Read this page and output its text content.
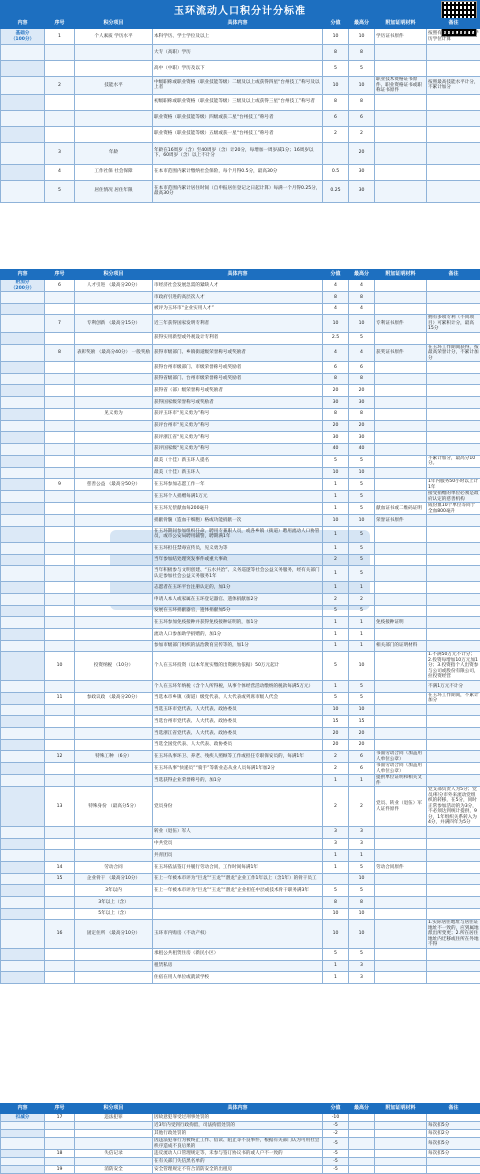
玉环流动人口积分计分标准
内容	序号	积分项目	具体内容	分值	最高分	附加证明材料	备注
基础分
（100分）	1	个人素质 学历水平	本科学历、学士学位及以上	10	10	学历证书原件	按照有国际承认的最高学历学位计算
			大专（高职）学历	8	8		
			高中（中职）学历及以下	5	5		
	2	技能水平	中级职称或职业资格（职业技能等级）二级及以上或获得四星“台州技工”称号及以上者	10	10	职业技术资格证书原件、职业资格证书或职称证书原件	按照最高技能水平计分，不累计加分
			初级职称或职业资格（职业技能等级）三级及以上或获得三星“台州技工”称号者	8	8		
			职业资格（职业技能等级）四级或获二星“台州技工”称号者	6	6		
			职业资格（职业技能等级）五级或获一星“台州技工”称号者	2	2		
	3	年龄	年龄在16周岁（含）至40周岁（含）计20分，每增加一周岁减1分；16周岁以下、60周岁（含）以上不计分		20		
	4	工作社保 社会保障	在本市范围内累计缴纳社会保险，每个月得0.5分，最高30分	0.5	30		
	5	居住情况 居住年限	在本市范围内累计居住时间（自申报居住登记之日起计算）每满一个月得0.25分，最高30分	0.25	30		
内容	序号	积分项目	具体内容	分值	最高分	附加证明材料	备注
附加分
（200分）	6	人才引进 （最高分20分）	市经济社会发展急需的紧缺人才	4	4		
			市政府引进的高层次人才	8	8		
			被评为玉环市“企业实用人才”	4	4		
	7	专利创新 （最高分15分）	近三年获得国家发明专利者	10	10	专利证书原件	拥有多项专利（不同项目）可累积计分，最高15分
			获得实用新型或外观设计专利者	2.5	5		
	8	表彰奖励 （最高分40分） 一般奖励	获得市级部门、乡镇街道级荣誉称号或奖励者	4	4	获奖证书原件	在玉环工作期间获得，按最高荣誉计分，不累计加分
			获得台州市级部门、市级荣誉称号或奖励者	6	6		
			获得省级部门、台州市级荣誉称号或奖励者	8	8		
			获得省（部）级荣誉称号或奖励者	20	20		
			获得国家级荣誉称号或奖励者	30	30		
		见义勇为	获评玉环市“见义勇为”称号	8	8		
			获评台州市“见义勇为”称号	20	20		
			获评浙江省“见义勇为”称号	30	30		
			获评国家级“见义勇为”称号	40	40		
			最美（十佳）新玉环人提名	5	5		不累计加分，最高分10分。
			最美（十佳）新玉环人	10	10		
	9	慈善公益 （最高分50分）	在玉环参加志愿工作一年	1	5		1年内服务50小时以上计1年
			在玉环个人捐赠每满1万元	1	5		接受捐赠的单位必须是政府认定的慈善机构
			在玉环无偿献血每200毫升	1	5	献血证书或二维码证明	成份血10个单位等同于全血800毫升
			捐献骨髓（造血干细胞）格或功能捐献一次	10	10	荣誉证书原件	
			在玉环期间参加组织任命、聘用专兼职人员，或各乡镇（街道）聘用流动人口协管员，或市公安局聘用辅警，聘期满1年	1	5		
			在玉环担任禁毒宣传员，见义勇为等	1	5		
			当年参加结处理突发事件或重大事故	2	5		
			当年积极参与文明创建、“五水共治”、义务巡逻等社会公益义务服务，经有关部门认定参加社会公益义务服务1年	1	5		
			志愿者在玉环平台注册认定的，加1分	1	1		
			申请人本人或家属在玉环登记器官、遗体捐献加2分	2	2		
			发展在玉环捐献器官，遗体捐献加5分	5	5		
			在玉环参加免疫接种并获得免疫接种证明的，加1分	1	1	免疫接种证明	
			流动人口参加助学捐赠的，加1分	1	1		
			参加市级部门组织的法治教育宣传等的，加1分	1	1	相关部门的证明材料	
	10	投资纳税 （10分）	个人在玉环投资（以本年度实缴的出资额为依据）50万元起计	5	10		1.不满50万元不计分；2.投资每增加10万元加1分；3.投资指个人出资参与公司或股份有限公司，拉投资经营
			个人在玉环年纳税（含个人所得税，从事个体经营活动缴纳的税款每满5万元）	1	5		不满1万元不计分
	11	参政议政 （最高分20分）	当选本市乡镇（街道）级党代表、人大代表或列席市级人代会	5	5		在玉环工作期间，不累计加分
			当选玉环市党代表、人大代表、政协委员	10	10		
			当选台州市党代表、人大代表、政协委员	15	15		
			当选浙江省党代表、人大代表、政协委员	20	20		
			当选全国党代表、人大代表、政协委员	20	20		
	12	特殊工种 （6分）	在玉环从事环卫、养老、残疾人照顾等工作或担任专职保安员的，每满1年	2	6	书面劳动合同（加盖用人单位公章）	
			在玉环从事“快递员”“骑手”等新业态从业人员每满1年加2分	2	6	书面劳动合同（加盖用人单位公章）	
			当选获得企业荣誉称号的，加1分	1	1	提供单位证明和相关文件	
	13	特殊身份 （最高分5分）	党员身份	2	2	党员、转业（退伍）军人证件原件	党支部负责人为5分；党员/积分市外来流动党组织的转移，在5分，同时正常参加活动的为3分，不必须达到统计提供，9分，1年组织关系转入为4分，并满四年为5分
			转业（退伍）军人	3	3		
			中共党员	3	3		
			共青团员	1	1		
	14	劳动合同	在玉环依法签订并履行劳动合同，工作时间每满1年	1	5	劳动合同原件	
	15	企业骨干 （最高分10分）	在上一年被本市评为“巨龙”“王龙”“潜龙”企业工作1年以上（含1年）的骨干员工		10		
		3年以内	在上一年被本市评为“巨龙”“王龙”“潜龙”企业担任中层或技术骨干职务满3年	5	5		
		3年以上（含）		8	8		
		5年以上（含）		10	10		
	16	固定住所 （最高分10分）	玉环市内购房（不动产权）	10	10		1.实际居住地址与居住证地址不一致的，应到属地派出所变更；2.所在居住地址内迁移或住所在外地不得
			承租公共租赁住房（新民小区）	5	5		
			租赁私房	1	3		
			住宿在用人单位或就读学校	1	3		
内容	序号	积分项目	具体内容	分值	最高分	附加证明材料	备注
扣减分	17	违法犯罪	因故意犯罪受过刑事处罚的	-10			
			近3年内受到行政拘留，司法拘留处罚的	-5			每次扣5分
			其他行政处罚的	-2			每次扣2分
			因违法犯罪行为被终止工作、借读、阻止等不良事件，根据有关部门认为可用社会秩序造成不良后果的	-5			每次扣5分
	18	失信记录	违反流动人口管理规定等，未参与签订协议书的或人户不一致的	-5			每次扣5分
			在有关部门失信黑名单的	-5			
	19	消防安全	安全管理规定不符合消防安全的出租房	-5			
